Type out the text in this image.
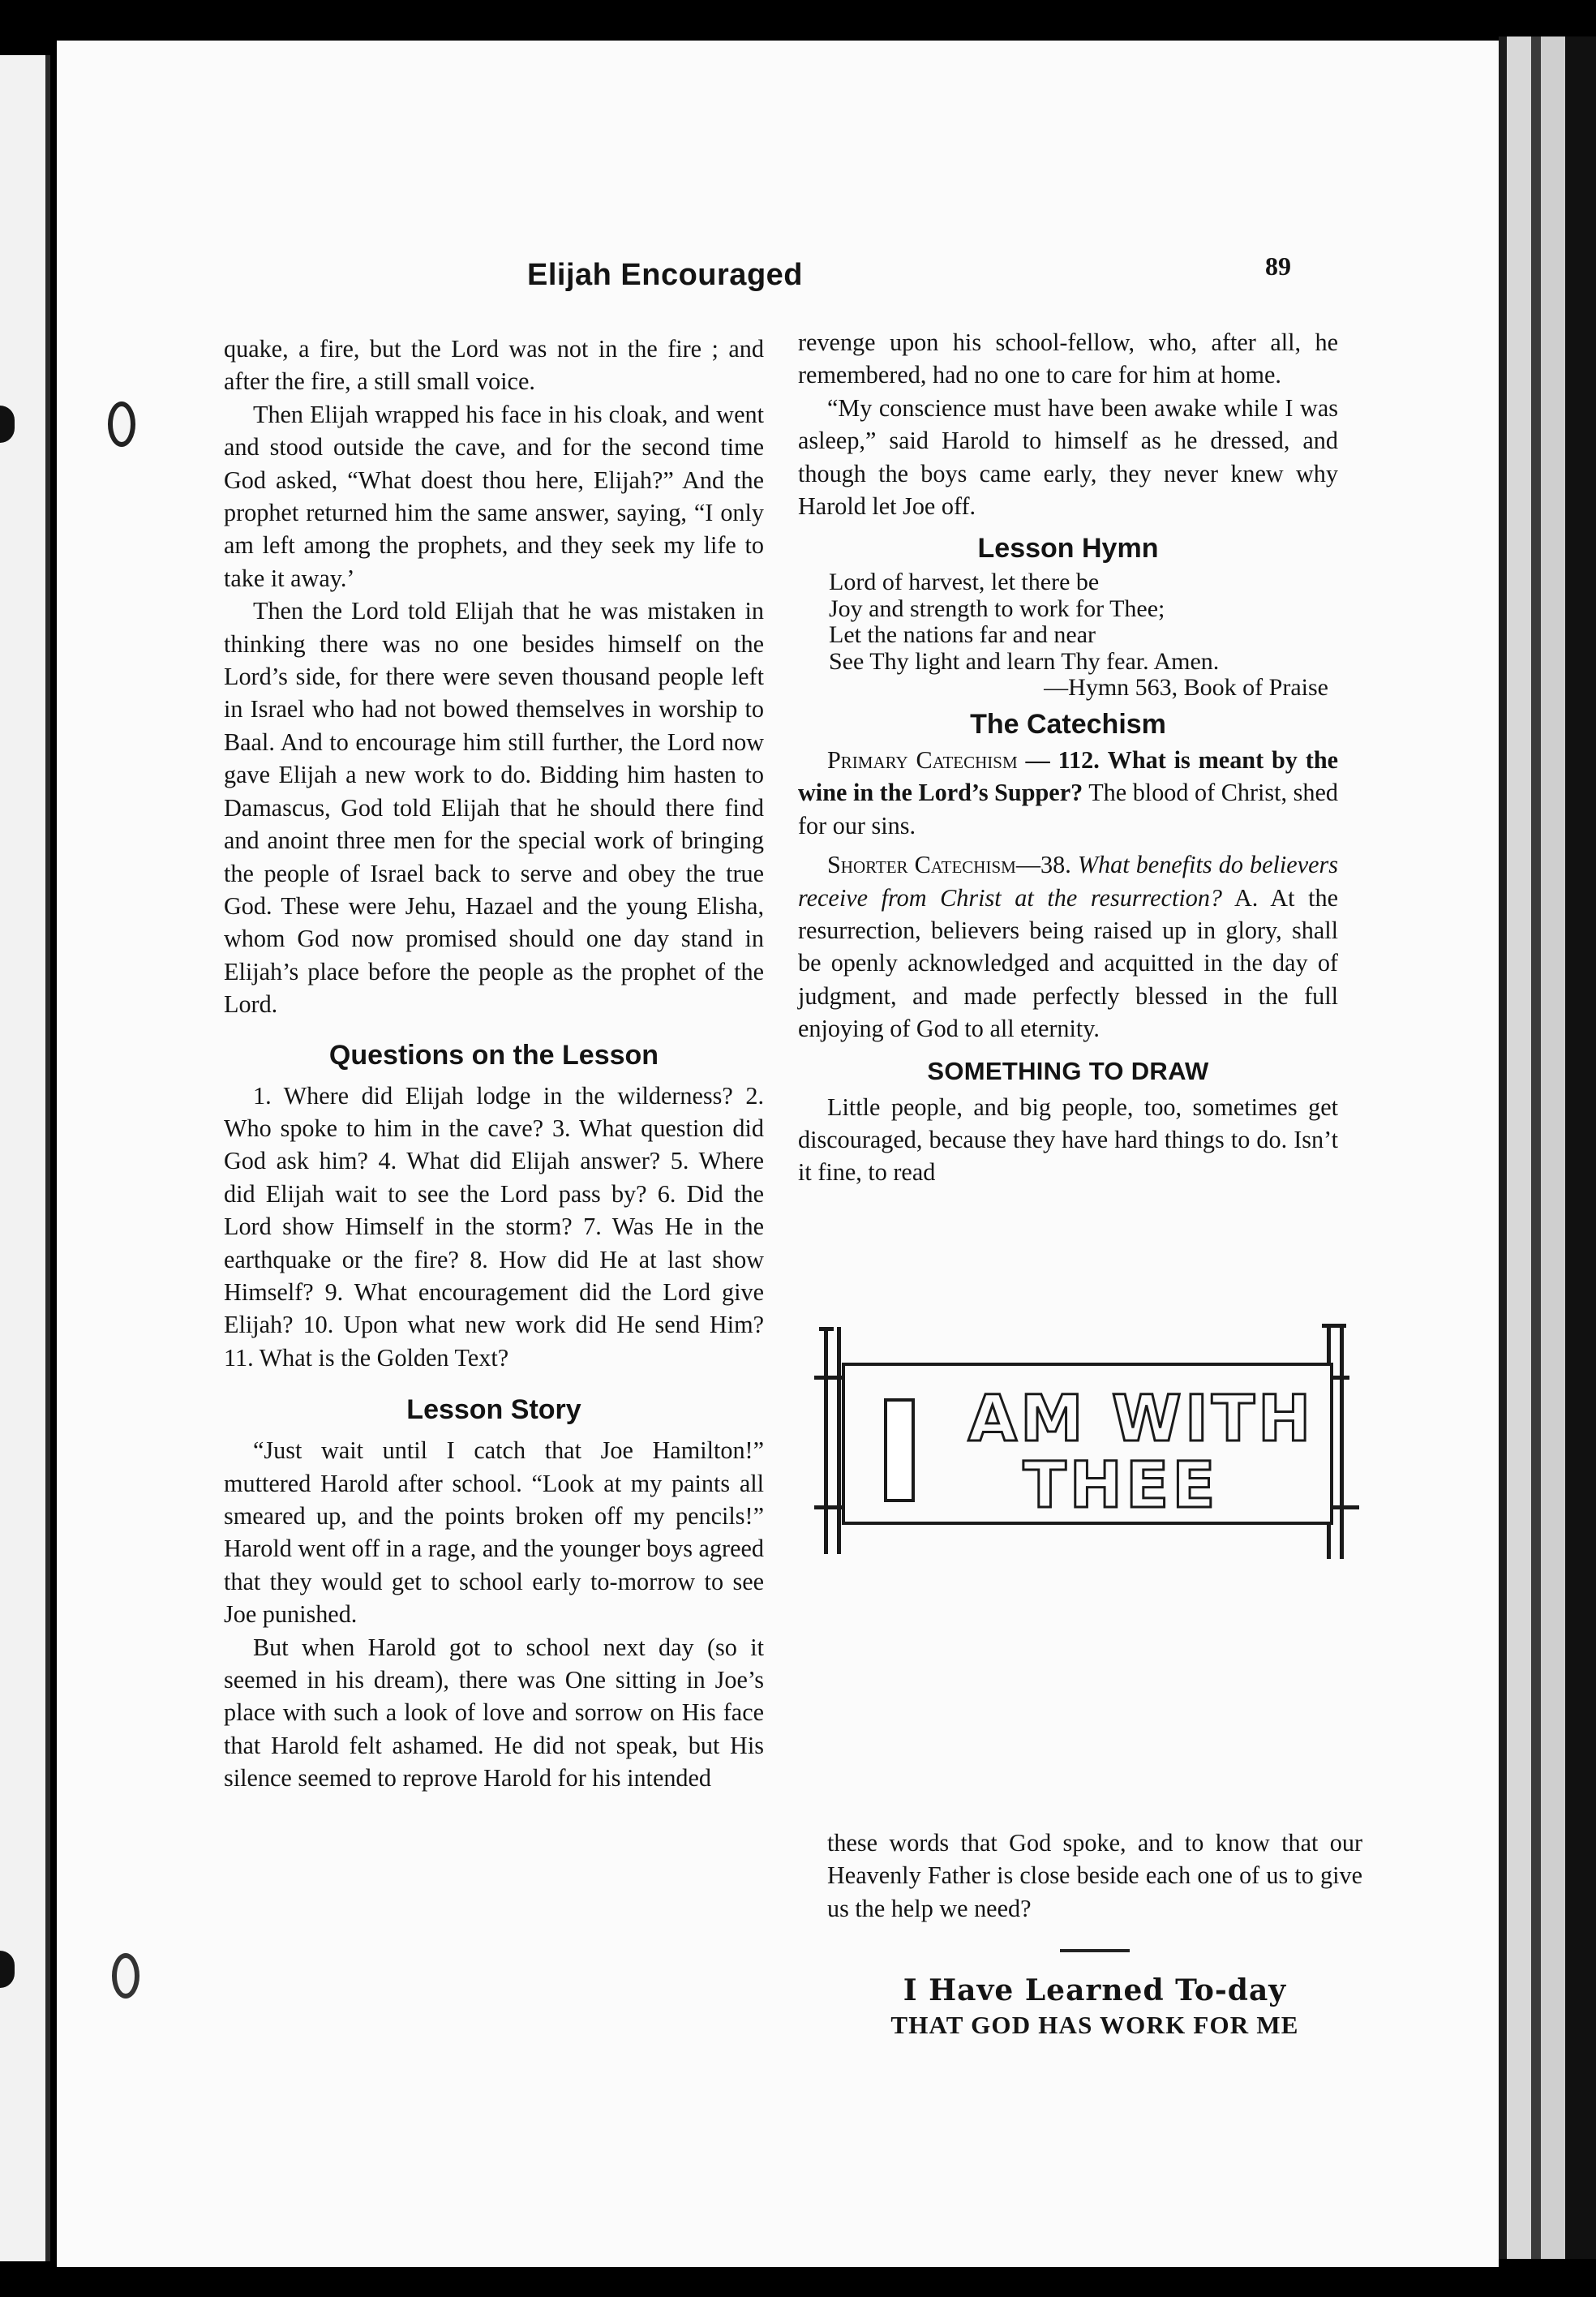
Elijah Encouraged	89

quake, a fire, but the Lord was not in the fire ; and after the fire, a still small voice.

Then Elijah wrapped his face in his cloak, and went and stood outside the cave, and for the second time God asked, “What doest thou here, Elijah?” And the prophet returned him the same answer, saying, “I only am left among the prophets, and they seek my life to take it away.’

Then the Lord told Elijah that he was mistaken in thinking there was no one besides himself on the Lord’s side, for there were seven thousand people left in Israel who had not bowed themselves in worship to Baal. And to encourage him still further, the Lord now gave Elijah a new work to do. Bidding him hasten to Damascus, God told Elijah that he should there find and anoint three men for the special work of bringing the people of Israel back to serve and obey the true God. These were Jehu, Hazael and the young Elisha, whom God now promised should one day stand in Elijah’s place before the people as the prophet of the Lord.

Questions on the Lesson

1. Where did Elijah lodge in the wilderness? 2. Who spoke to him in the cave? 3. What question did God ask him? 4. What did Elijah answer? 5. Where did Elijah wait to see the Lord pass by? 6. Did the Lord show Himself in the storm? 7. Was He in the earthquake or the fire? 8. How did He at last show Himself? 9. What encouragement did the Lord give Elijah? 10. Upon what new work did He send Him? 11. What is the Golden Text?

Lesson Story

“Just wait until I catch that Joe Hamilton!” muttered Harold after school. “Look at my paints all smeared up, and the points broken off my pencils!” Harold went off in a rage, and the younger boys agreed that they would get to school early to-morrow to see Joe punished.

But when Harold got to school next day (so it seemed in his dream), there was One sitting in Joe’s place with such a look of love and sorrow on His face that Harold felt ashamed. He did not speak, but His silence seemed to reprove Harold for his intended

revenge upon his school-fellow, who, after all, he remembered, had no one to care for him at home.

“My conscience must have been awake while I was asleep,” said Harold to himself as he dressed, and though the boys came early, they never knew why Harold let Joe off.

Lesson Hymn
Lord of harvest, let there be
Joy and strength to work for Thee;
Let the nations far and near
See Thy light and learn Thy fear. Amen.
—Hymn 563, Book of Praise
The Catechism

Primary Catechism — 112. What is meant by the wine in the Lord’s Supper? The blood of Christ, shed for our sins.

Shorter Catechism—38. What benefits do believers receive from Christ at the resurrection? A. At the resurrection, believers being raised up in glory, shall be openly acknowledged and acquitted in the day of judgment, and made perfectly blessed in the full enjoying of God to all eternity.

SOMETHING TO DRAW

Little people, and big people, too, sometimes get discouraged, because they have hard things to do. Isn’t it fine, to read

AM WITH
THEE

these words that God spoke, and to know that our Heavenly Father is close beside each one of us to give us the help we need?

I Have Learned To-day
THAT GOD HAS WORK FOR ME
